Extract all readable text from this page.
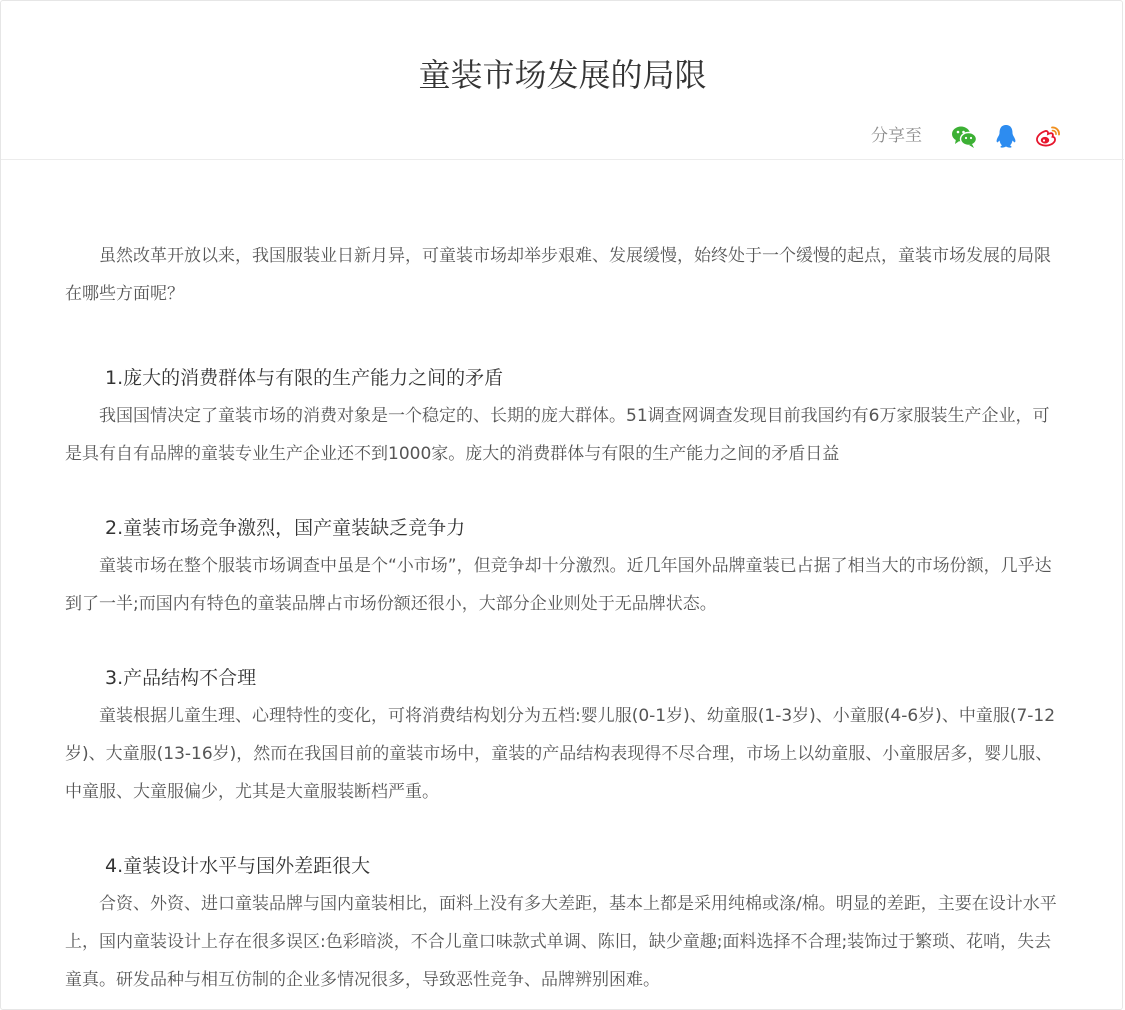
童装市场发展的局限
分享至

虽然改革开放以来，我国服装业日新月异，可童装市场却举步艰难、发展缓慢，始终处于一个缓慢的起点，童装市场发展的局限在哪些方面呢？

1.庞大的消费群体与有限的生产能力之间的矛盾

我国国情决定了童装市场的消费对象是一个稳定的、长期的庞大群体。51调查网调查发现目前我国约有6万家服装生产企业，可是具有自有品牌的童装专业生产企业还不到1000家。庞大的消费群体与有限的生产能力之间的矛盾日益

2.童装市场竞争激烈，国产童装缺乏竞争力

童装市场在整个服装市场调查中虽是个“小市场”，但竞争却十分激烈。近几年国外品牌童装已占据了相当大的市场份额，几乎达到了一半;而国内有特色的童装品牌占市场份额还很小，大部分企业则处于无品牌状态。

3.产品结构不合理

童装根据儿童生理、心理特性的变化，可将消费结构划分为五档:婴儿服(0-1岁)、幼童服(1-3岁)、小童服(4-6岁)、中童服(7-12岁)、大童服(13-16岁)，然而在我国目前的童装市场中，童装的产品结构表现得不尽合理，市场上以幼童服、小童服居多，婴儿服、中童服、大童服偏少，尤其是大童服装断档严重。

4.童装设计水平与国外差距很大

合资、外资、进口童装品牌与国内童装相比，面料上没有多大差距，基本上都是采用纯棉或涤/棉。明显的差距，主要在设计水平上，国内童装设计上存在很多误区:色彩暗淡，不合儿童口味款式单调、陈旧，缺少童趣;面料选择不合理;装饰过于繁琐、花哨，失去童真。研发品种与相互仿制的企业多情况很多，导致恶性竞争、品牌辨别困难。
